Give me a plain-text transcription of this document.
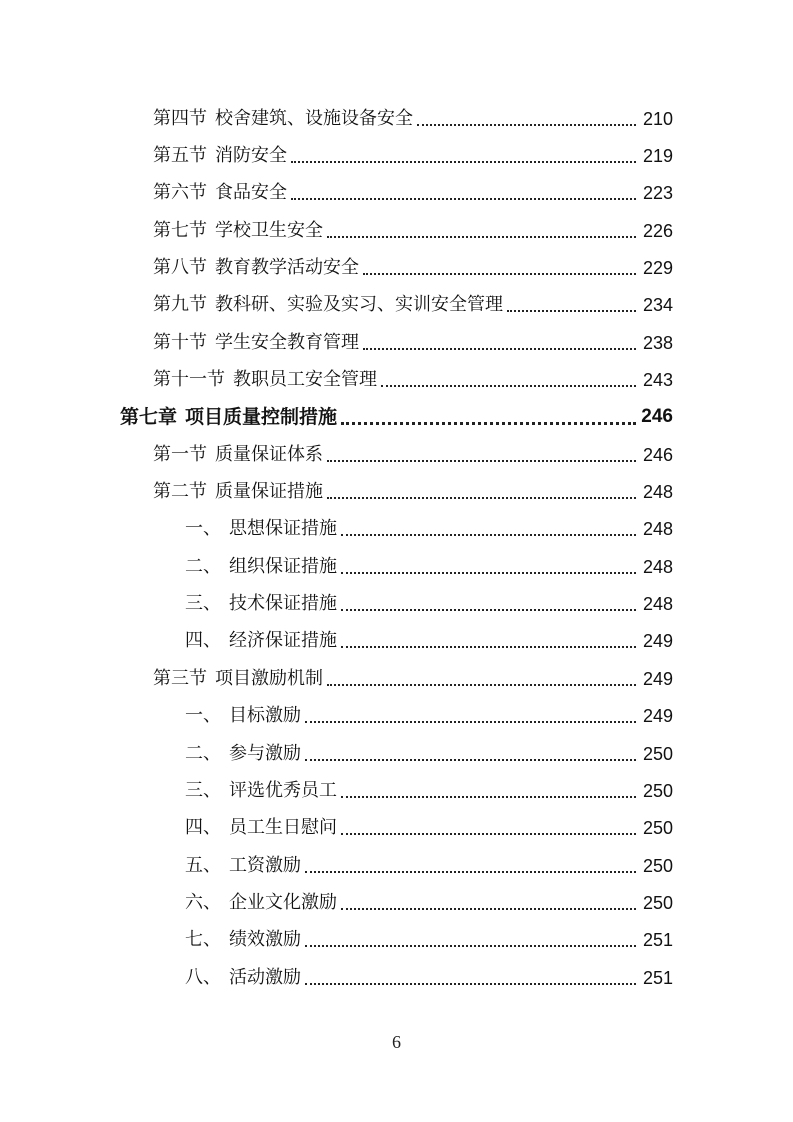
第四节 校舍建筑、设施设备安全	210
第五节 消防安全	219
第六节 食品安全	223
第七节 学校卫生安全	226
第八节 教育教学活动安全	229
第九节 教科研、实验及实习、实训安全管理	234
第十节 学生安全教育管理	238
第十一节 教职员工安全管理	243
第七章 项目质量控制措施	246
第一节 质量保证体系	246
第二节 质量保证措施	248
一、 思想保证措施	248
二、 组织保证措施	248
三、 技术保证措施	248
四、 经济保证措施	249
第三节 项目激励机制	249
一、 目标激励	249
二、 参与激励	250
三、 评选优秀员工	250
四、 员工生日慰问	250
五、 工资激励	250
六、 企业文化激励	250
七、 绩效激励	251
八、 活动激励	251
6
